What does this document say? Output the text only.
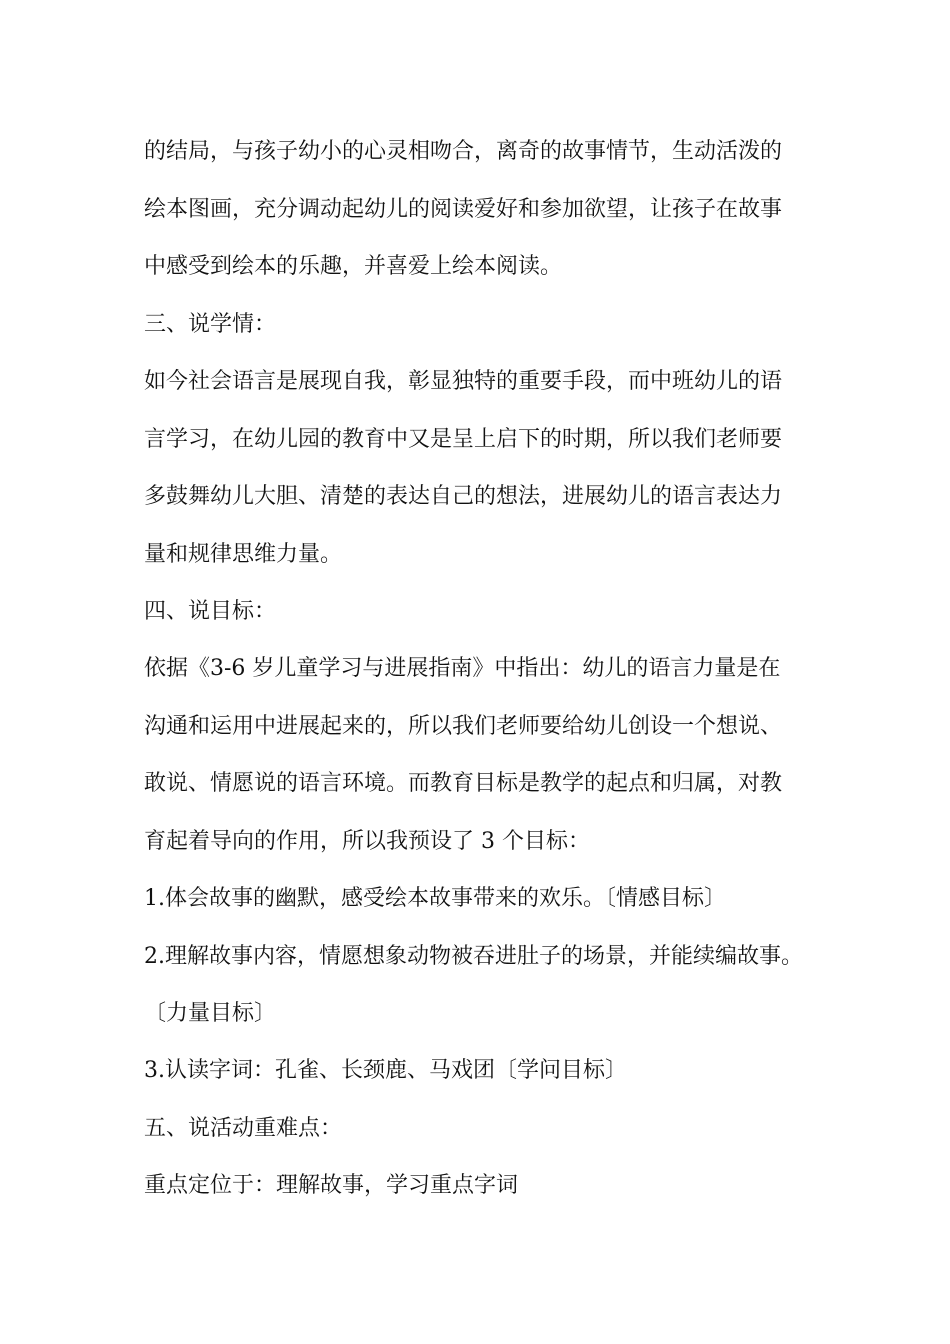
的结局，与孩子幼小的心灵相吻合，离奇的故事情节，生动活泼的

绘本图画，充分调动起幼儿的阅读爱好和参加欲望，让孩子在故事

中感受到绘本的乐趣，并喜爱上绘本阅读。

三、说学情：

如今社会语言是展现自我，彰显独特的重要手段，而中班幼儿的语

言学习，在幼儿园的教育中又是呈上启下的时期，所以我们老师要

多鼓舞幼儿大胆、清楚的表达自己的想法，进展幼儿的语言表达力

量和规律思维力量。

四、说目标：

依据《3-6 岁儿童学习与进展指南》中指出：幼儿的语言力量是在

沟通和运用中进展起来的，所以我们老师要给幼儿创设一个想说、

敢说、情愿说的语言环境。而教育目标是教学的起点和归属，对教

育起着导向的作用，所以我预设了 3 个目标：

1.体会故事的幽默，感受绘本故事带来的欢乐。〔情感目标〕

2.理解故事内容，情愿想象动物被吞进肚子的场景，并能续编故事。

〔力量目标〕

3.认读字词：孔雀、长颈鹿、马戏团〔学问目标〕

五、说活动重难点：

重点定位于：理解故事，学习重点字词
